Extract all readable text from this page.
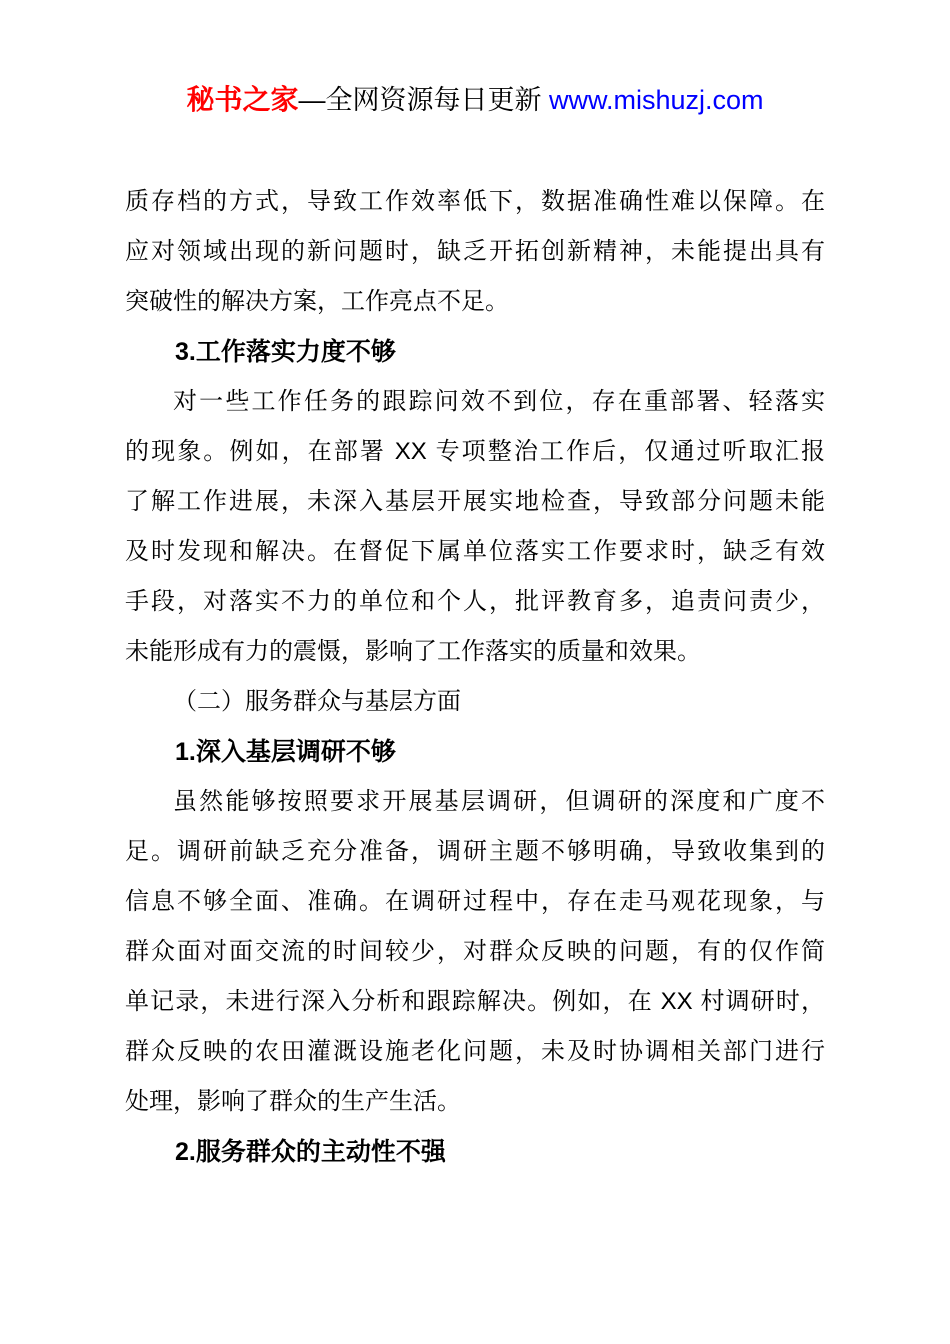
秘书之家—全网资源每日更新 www.mishuzj.com
质存档的方式，导致工作效率低下，数据准确性难以保障。在
应对领域出现的新问题时，缺乏开拓创新精神，未能提出具有
突破性的解决方案，工作亮点不足。
3.工作落实力度不够
对一些工作任务的跟踪问效不到位，存在重部署、轻落实
的现象。例如，在部署 XX 专项整治工作后，仅通过听取汇报
了解工作进展，未深入基层开展实地检查，导致部分问题未能
及时发现和解决。在督促下属单位落实工作要求时，缺乏有效
手段，对落实不力的单位和个人，批评教育多，追责问责少，
未能形成有力的震慑，影响了工作落实的质量和效果。
（二）服务群众与基层方面
1.深入基层调研不够
虽然能够按照要求开展基层调研，但调研的深度和广度不
足。调研前缺乏充分准备，调研主题不够明确，导致收集到的
信息不够全面、准确。在调研过程中，存在走马观花现象，与
群众面对面交流的时间较少，对群众反映的问题，有的仅作简
单记录，未进行深入分析和跟踪解决。例如，在 XX 村调研时，
群众反映的农田灌溉设施老化问题，未及时协调相关部门进行
处理，影响了群众的生产生活。
2.服务群众的主动性不强
